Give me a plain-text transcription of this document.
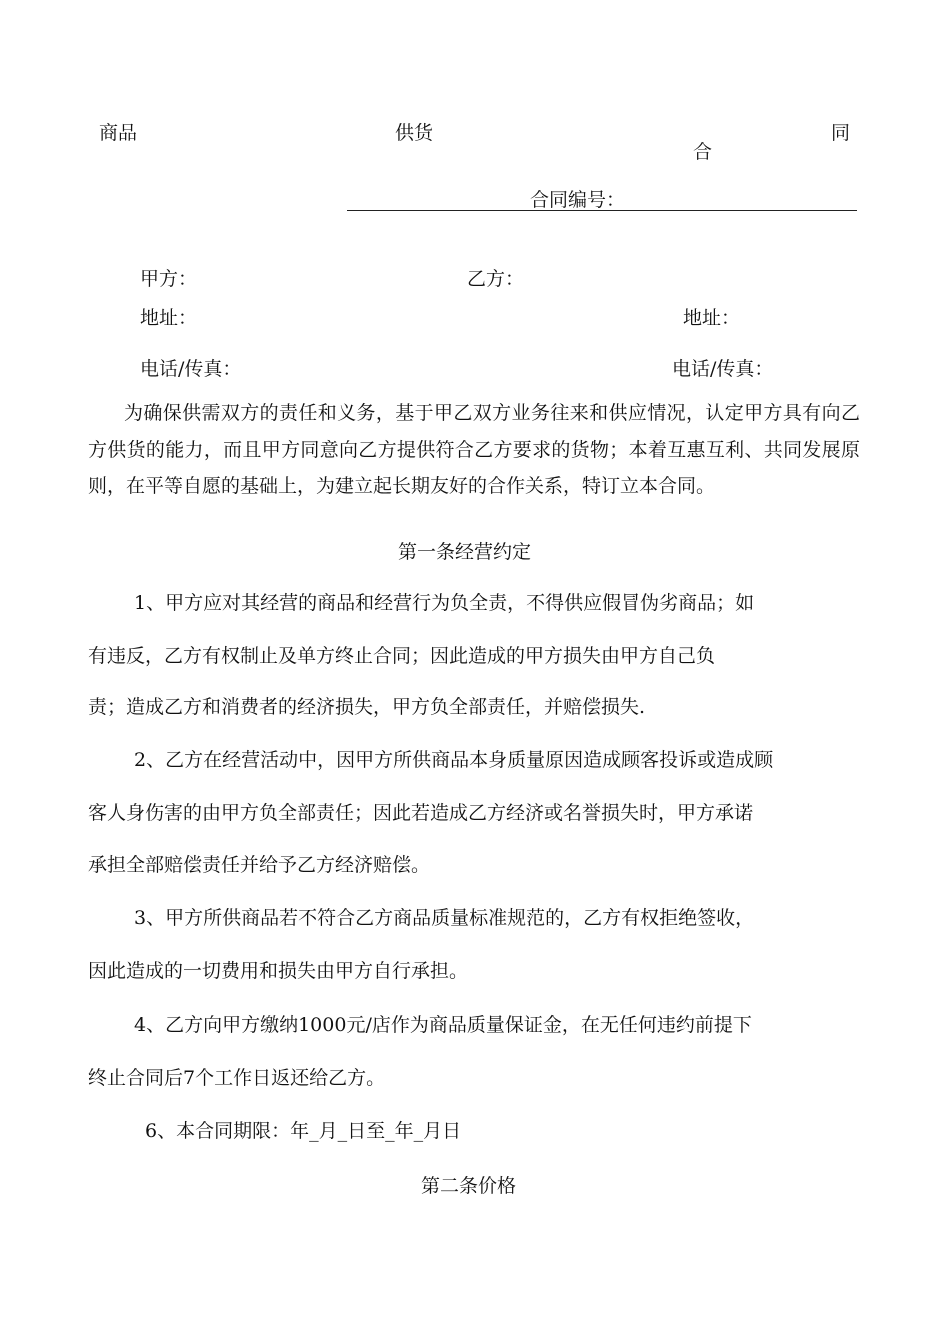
商品	供货
合
同
合同编号：
甲方：	乙方：
地址：	地址：
电话/传真：	电话/传真：
为确保供需双方的责任和义务，基于甲乙双方业务往来和供应情况，认定甲方具有向乙方供货的能力，而且甲方同意向乙方提供符合乙方要求的货物；本着互惠互利、共同发展原则，在平等自愿的基础上，为建立起长期友好的合作关系，特订立本合同。
第一条经营约定
1、甲方应对其经营的商品和经营行为负全责，不得供应假冒伪劣商品；如
有违反，乙方有权制止及单方终止合同；因此造成的甲方损失由甲方自己负
责；造成乙方和消费者的经济损失，甲方负全部责任，并赔偿损失.
2、乙方在经营活动中，因甲方所供商品本身质量原因造成顾客投诉或造成顾
客人身伤害的由甲方负全部责任；因此若造成乙方经济或名誉损失时，甲方承诺
承担全部赔偿责任并给予乙方经济赔偿。
3、甲方所供商品若不符合乙方商品质量标准规范的，乙方有权拒绝签收，
因此造成的一切费用和损失由甲方自行承担。
4、乙方向甲方缴纳1000元/店作为商品质量保证金，在无任何违约前提下
终止合同后7个工作日返还给乙方。
6、本合同期限：年_月_日至_年_月日
第二条价格
